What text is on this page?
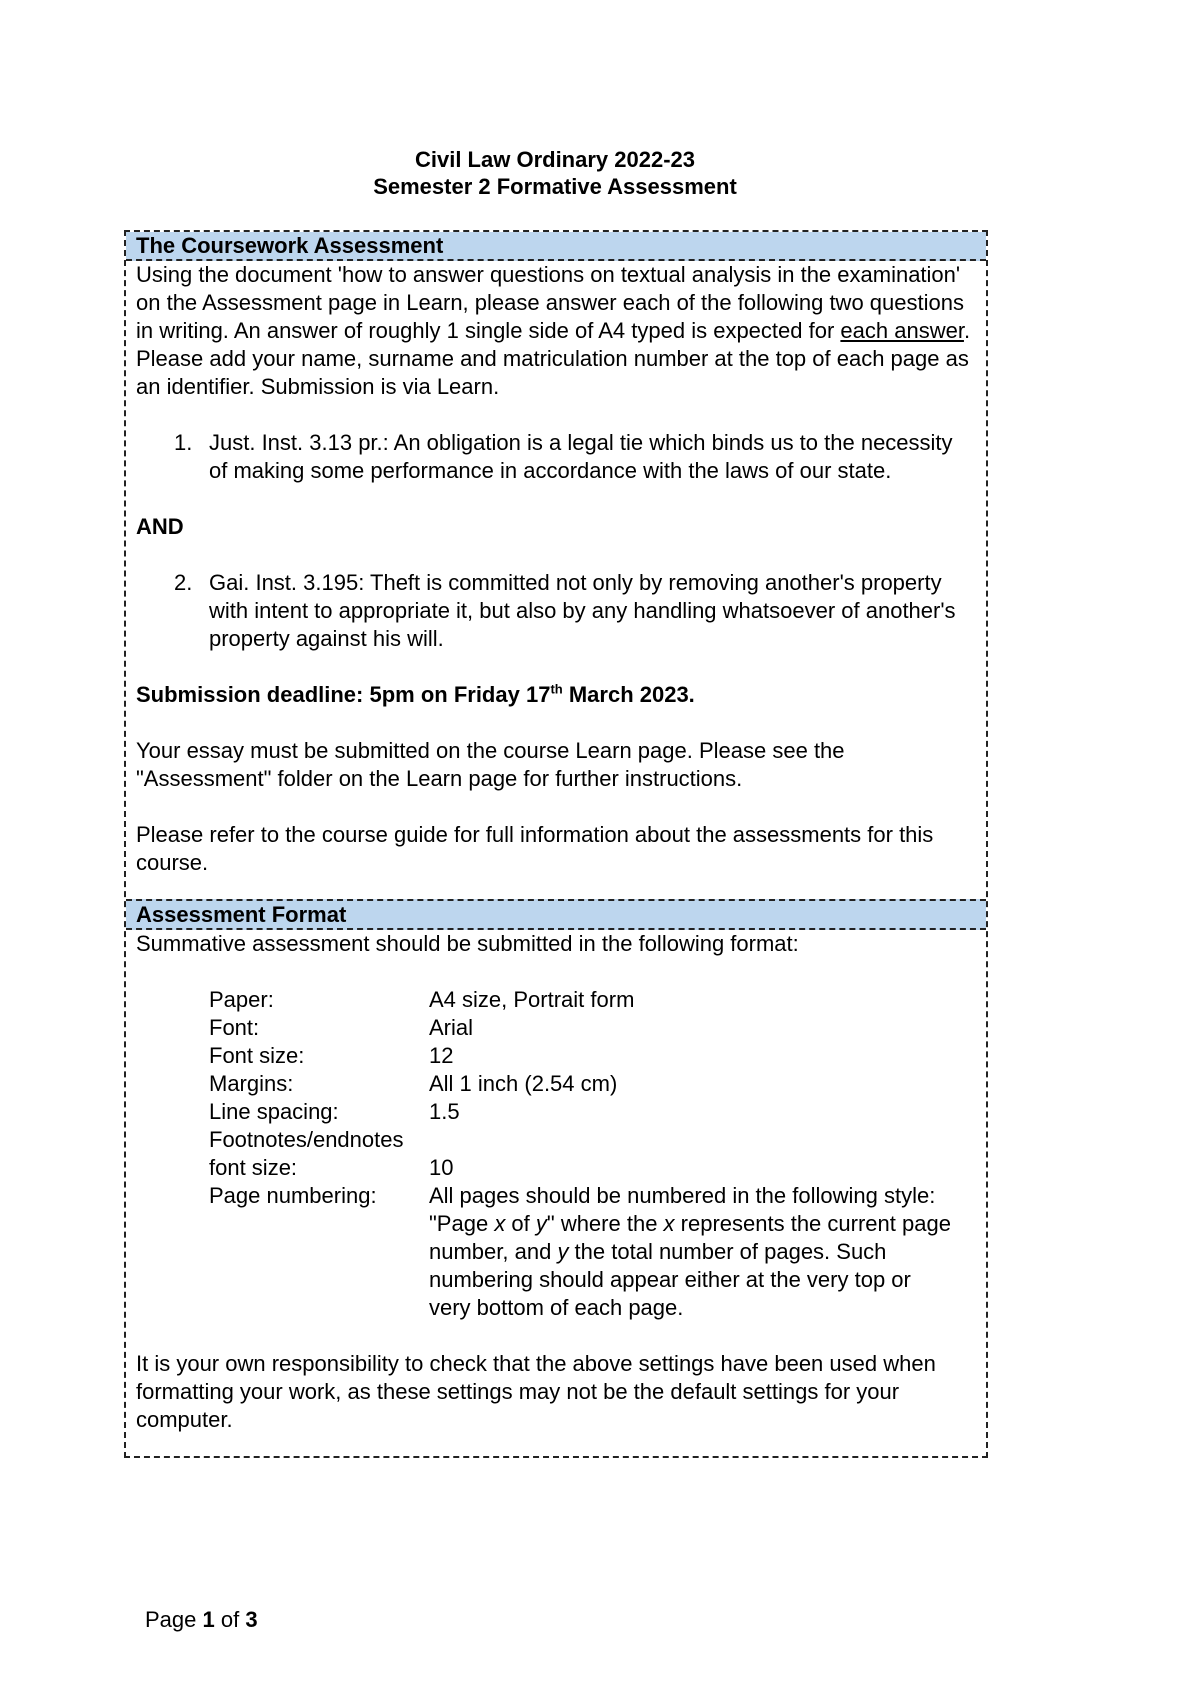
Civil Law Ordinary 2022-23
Semester 2 Formative Assessment
The Coursework Assessment

Using the document 'how to answer questions on textual analysis in the examination' on the Assessment page in Learn, please answer each of the following two questions in writing. An answer of roughly 1 single side of A4 typed is expected for each answer. Please add your name, surname and matriculation number at the top of each page as an identifier. Submission is via Learn.

1. Just. Inst. 3.13 pr.: An obligation is a legal tie which binds us to the necessity of making some performance in accordance with the laws of our state.

AND

2. Gai. Inst. 3.195: Theft is committed not only by removing another's property with intent to appropriate it, but also by any handling whatsoever of another's property against his will.

Submission deadline: 5pm on Friday 17th March 2023.

Your essay must be submitted on the course Learn page. Please see the "Assessment" folder on the Learn page for further instructions.

Please refer to the course guide for full information about the assessments for this course.

Assessment Format

Summative assessment should be submitted in the following format:

Paper:	A4 size, Portrait form
Font:	Arial
Font size:	12
Margins:	All 1 inch (2.54 cm)
Line spacing:	1.5
Footnotes/endnotes
font size:	10
Page numbering:	All pages should be numbered in the following style: "Page x of y" where the x represents the current page number, and y the total number of pages. Such numbering should appear either at the very top or very bottom of each page.

It is your own responsibility to check that the above settings have been used when formatting your work, as these settings may not be the default settings for your computer.

Page 1 of 3
